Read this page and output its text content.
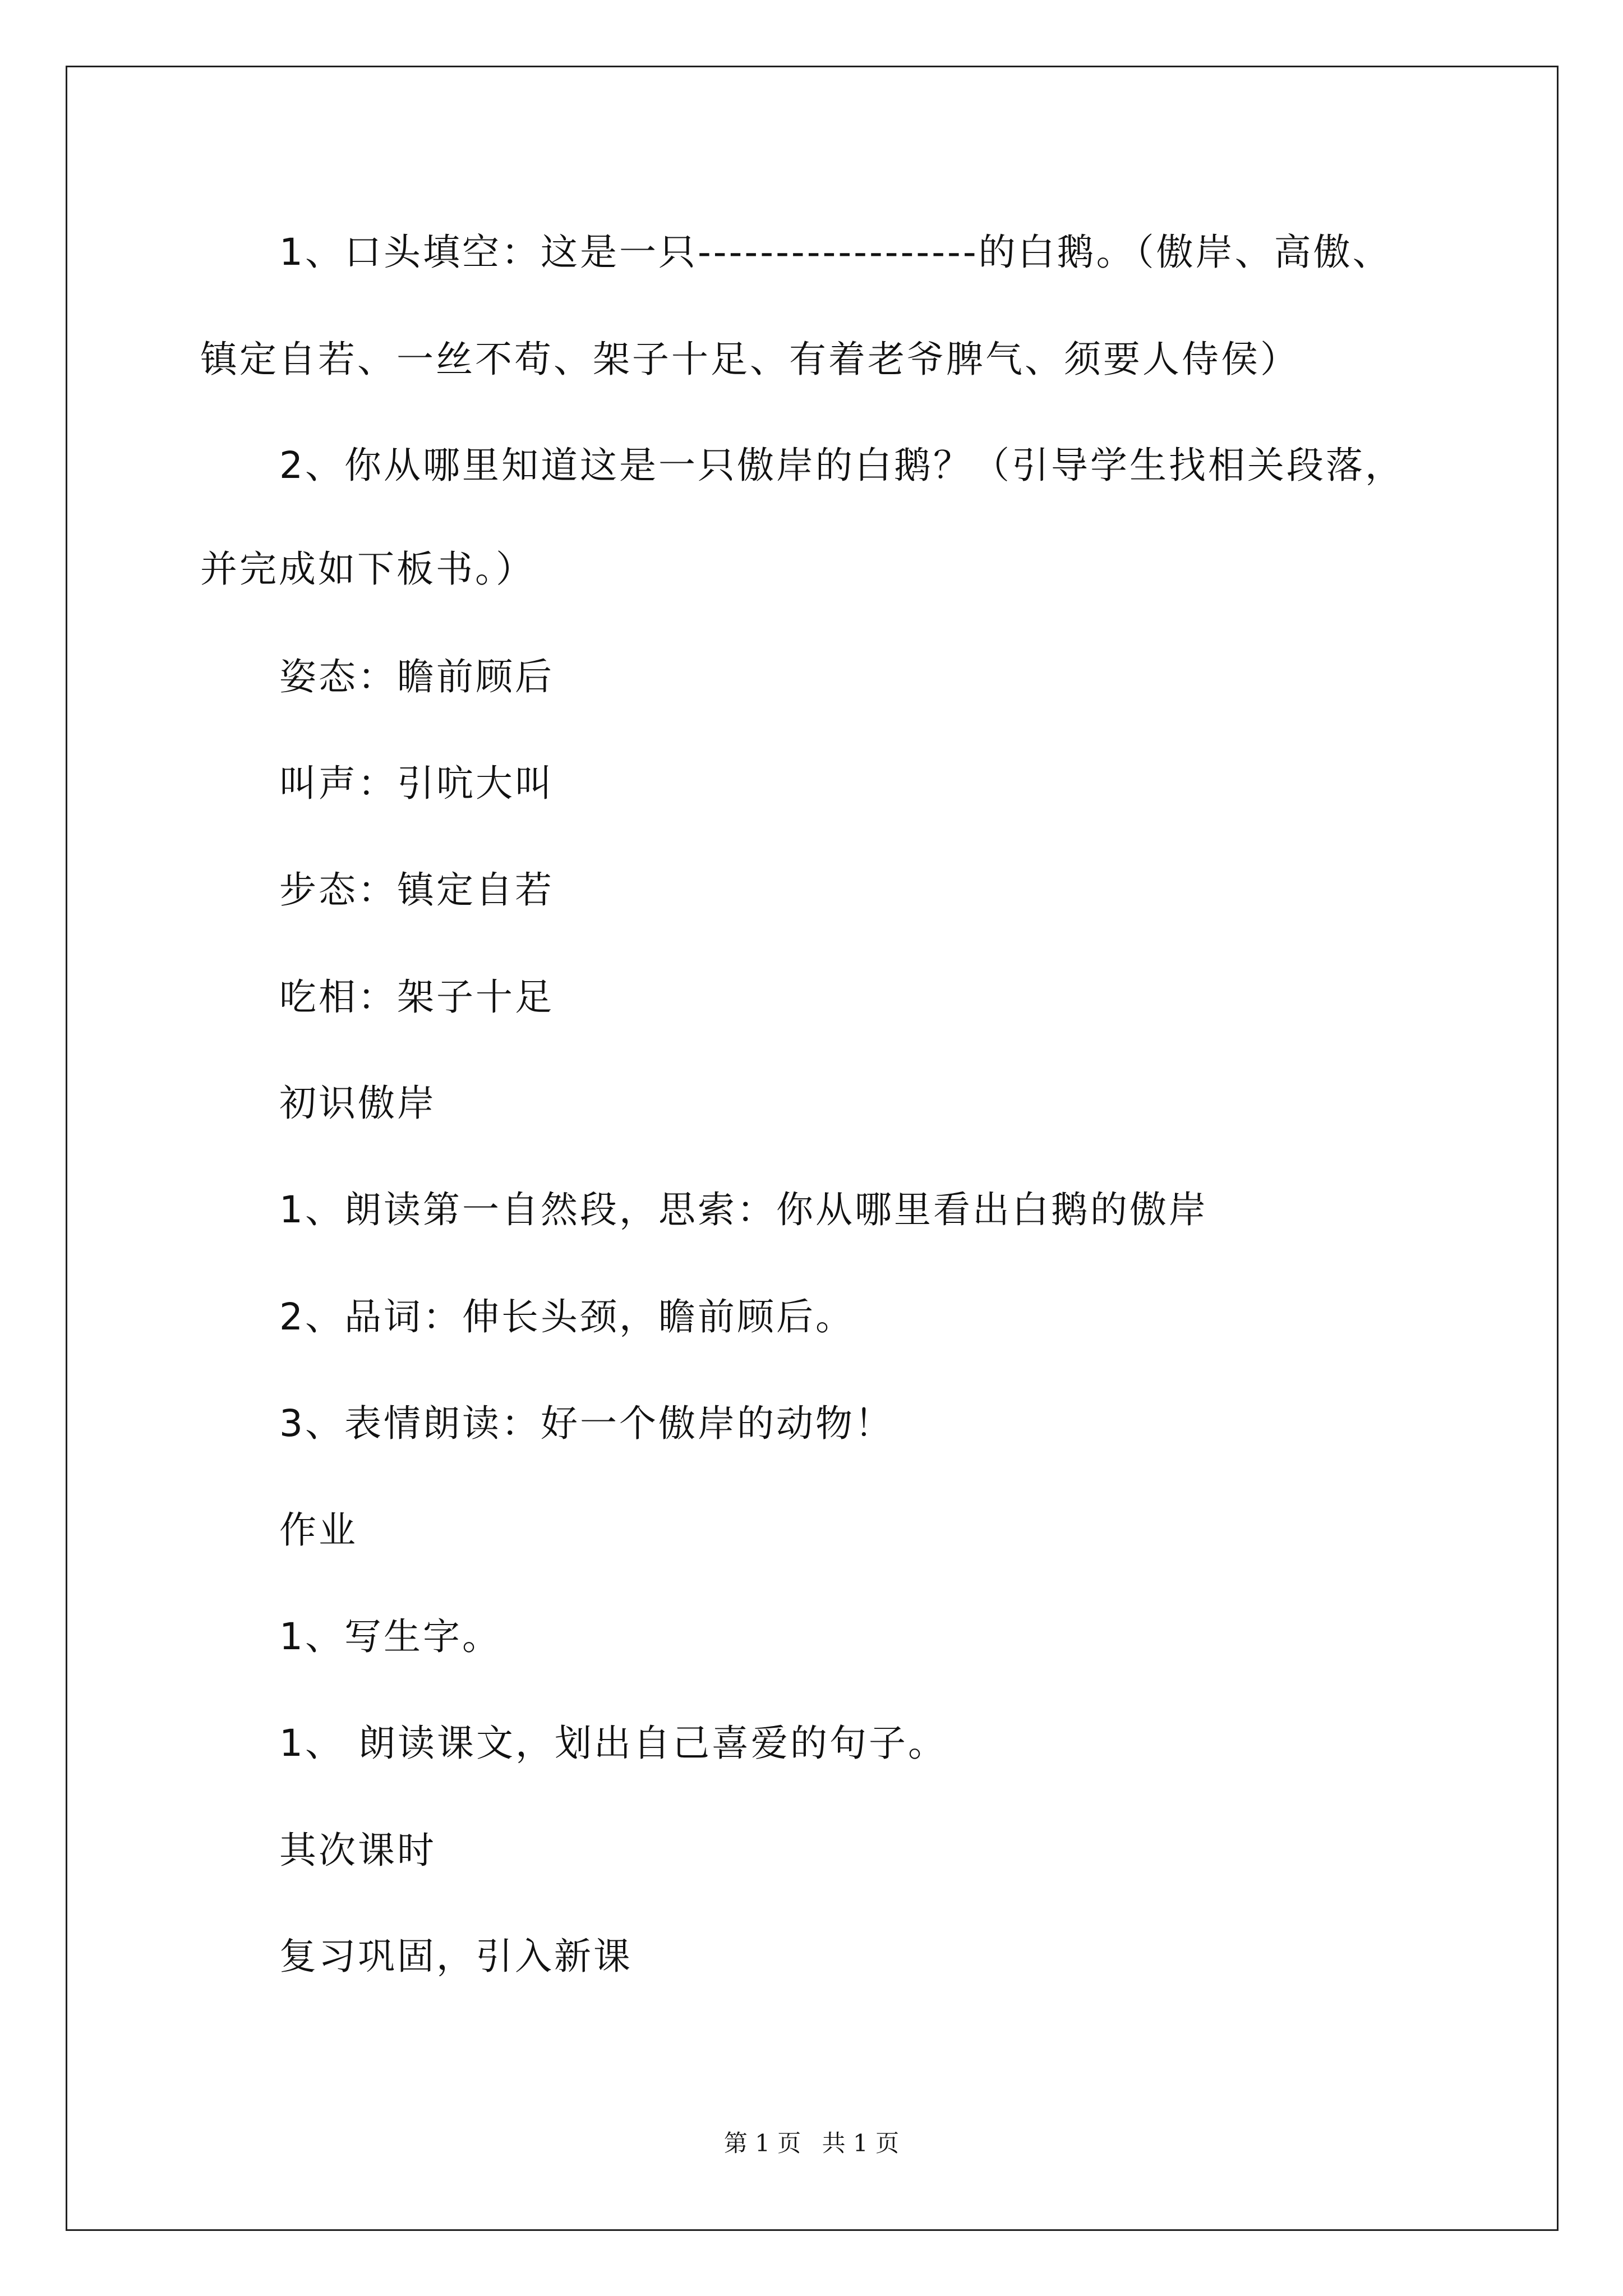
1、口头填空：这是一只------------------的白鹅。（傲岸、高傲、
镇定自若、一丝不苟、架子十足、有着老爷脾气、须要人侍侯）
2、你从哪里知道这是一只傲岸的白鹅？（引导学生找相关段落，
并完成如下板书。）
姿态：瞻前顾后
叫声：引吭大叫
步态：镇定自若
吃相：架子十足
初识傲岸
1、朗读第一自然段，思索：你从哪里看出白鹅的傲岸
2、品词：伸长头颈，瞻前顾后。
3、表情朗读：好一个傲岸的动物！
作业
1、写生字。
1、 朗读课文，划出自己喜爱的句子。
其次课时
复习巩固，引入新课
第 1 页 共 1 页
